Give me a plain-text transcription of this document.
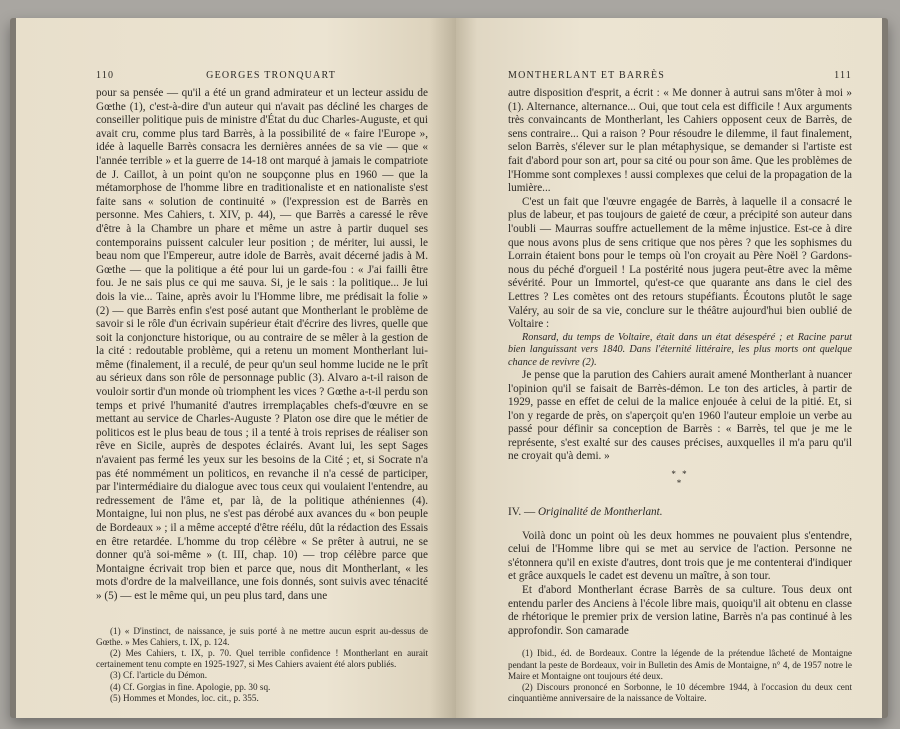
110	GEORGES TRONQUART

pour sa pensée — qu'il a été un grand admirateur et un lecteur assidu de Gœthe (1), c'est-à-dire d'un auteur qui n'avait pas décliné les charges de conseiller politique puis de ministre d'État du duc Charles-Auguste, et qui avait cru, comme plus tard Barrès, à la possibilité de « faire l'Europe », idée à laquelle Barrès consacra les dernières années de sa vie — que « l'année terrible » et la guerre de 14-18 ont marqué à jamais le compatriote de J. Caillot, à un point qu'on ne soupçonne plus en 1960 — que la métamorphose de l'homme libre en traditionaliste et en nationaliste s'est faite sans « solution de continuité » (l'expression est de Barrès en personne. Mes Cahiers, t. XIV, p. 44), — que Barrès a caressé le rêve d'être à la Chambre un phare et même un astre à partir duquel ses contemporains puissent calculer leur position ; de mériter, lui aussi, le beau nom que l'Empereur, autre idole de Barrès, avait décerné jadis à M. Gœthe — que la politique a été pour lui un garde-fou : « J'ai failli être fou. Je ne sais plus ce qui me sauva. Si, je le sais : la politique... Je lui dois la vie... Taine, après avoir lu l'Homme libre, me prédisait la folie » (2) — que Barrès enfin s'est posé autant que Montherlant le problème de savoir si le rôle d'un écrivain supérieur était d'écrire des livres, quelle que soit la conjoncture historique, ou au contraire de se mêler à la gestion de la cité : redoutable problème, qui a retenu un moment Montherlant lui-même (finalement, il a reculé, de peur qu'un seul homme lucide ne le prît au sérieux dans son rôle de personnage public (3). Alvaro a-t-il raison de vouloir sortir d'un monde où triomphent les vices ? Gœthe a-t-il perdu son temps et privé l'humanité d'autres irremplaçables chefs-d'œuvre en se mettant au service de Charles-Auguste ? Platon ose dire que le métier de politicos est le plus beau de tous ; il a tenté à trois reprises de réaliser son rêve en Sicile, auprès de despotes éclairés. Avant lui, les sept Sages n'avaient pas fermé les yeux sur les besoins de la Cité ; et, si Socrate n'a pas été nommément un politicos, en revanche il n'a cessé de participer, par l'intermédiaire du dialogue avec tous ceux qui voulaient l'entendre, au redressement de l'âme et, par là, de la politique athéniennes (4). Montaigne, lui non plus, ne s'est pas dérobé aux avances du « bon peuple de Bordeaux » ; il a même accepté d'être réélu, dût la rédaction des Essais en être retardée. L'homme du trop célèbre « Se prêter à autrui, ne se donner qu'à soi-même » (t. III, chap. 10) — trop célèbre parce que Montaigne écrivait trop bien et parce que, nous dit Montherlant, « les mots d'ordre de la malveillance, une fois donnés, sont suivis avec ténacité » (5) — est le même qui, un peu plus tard, dans une

(1) « D'instinct, de naissance, je suis porté à ne mettre aucun esprit au-dessus de Gœthe. » Mes Cahiers, t. IX, p. 124.

(2) Mes Cahiers, t. IX, p. 70. Quel terrible confidence ! Montherlant en aurait certainement tenu compte en 1925-1927, si Mes Cahiers avaient été alors publiés.

(3) Cf. l'article du Démon.

(4) Cf. Gorgias in fine. Apologie, pp. 30 sq.

(5) Hommes et Mondes, loc. cit., p. 355.

MONTHERLANT ET BARRÈS	111

autre disposition d'esprit, a écrit : « Me donner à autrui sans m'ôter à moi » (1). Alternance, alternance... Oui, que tout cela est difficile ! Aux arguments très convaincants de Montherlant, les Cahiers opposent ceux de Barrès, de sens contraire... Qui a raison ? Pour résoudre le dilemme, il faut finalement, selon Barrès, s'élever sur le plan métaphysique, se demander si l'artiste est fait d'abord pour son art, pour sa cité ou pour son âme. Que les problèmes de l'Homme sont complexes ! aussi complexes que celui de la propagation de la lumière...

C'est un fait que l'œuvre engagée de Barrès, à laquelle il a consacré le plus de labeur, et pas toujours de gaieté de cœur, a précipité son auteur dans l'oubli — Maurras souffre actuellement de la même injustice. Est-ce à dire que nous avons plus de sens critique que nos pères ? que les sophismes du Lorrain étaient bons pour le temps où l'on croyait au Père Noël ? Gardons-nous du péché d'orgueil ! La postérité nous jugera peut-être avec la même sévérité. Pour un Immortel, qu'est-ce que quarante ans dans le ciel des Lettres ? Les comètes ont des retours stupéfiants. Écoutons plutôt le sage Valéry, au soir de sa vie, conclure sur le théâtre aujourd'hui bien oublié de Voltaire :

Ronsard, du temps de Voltaire, était dans un état désespéré ; et Racine parut bien languissant vers 1840. Dans l'éternité littéraire, les plus morts ont quelque chance de revivre (2).

Je pense que la parution des Cahiers aurait amené Montherlant à nuancer l'opinion qu'il se faisait de Barrès-démon. Le ton des articles, à partir de 1929, passe en effet de celui de la malice enjouée à celui de la pitié. Et, si l'on y regarde de près, on s'aperçoit qu'en 1960 l'auteur emploie un verbe au passé pour définir sa conception de Barrès : « Barrès, tel que je me le représente, s'est exalté sur des causes précises, auxquelles il m'a paru qu'il ne croyait qu'à demi. »

* *
*
IV. — Originalité de Montherlant.

Voilà donc un point où les deux hommes ne pouvaient plus s'entendre, celui de l'Homme libre qui se met au service de l'action. Personne ne s'étonnera qu'il en existe d'autres, dont trois que je me contenterai d'indiquer et grâce auxquels le cadet est devenu un maître, à son tour.

Et d'abord Montherlant écrase Barrès de sa culture. Tous deux ont entendu parler des Anciens à l'école libre mais, quoiqu'il ait obtenu en classe de rhétorique le premier prix de version latine, Barrès n'a pas continué à les approfondir. Son camarade

(1) Ibid., éd. de Bordeaux. Contre la légende de la prétendue lâcheté de Montaigne pendant la peste de Bordeaux, voir in Bulletin des Amis de Montaigne, n° 4, de 1957 notre le Maire et Montaigne ont toujours été deux.

(2) Discours prononcé en Sorbonne, le 10 décembre 1944, à l'occasion du deux cent cinquantième anniversaire de la naissance de Voltaire.
